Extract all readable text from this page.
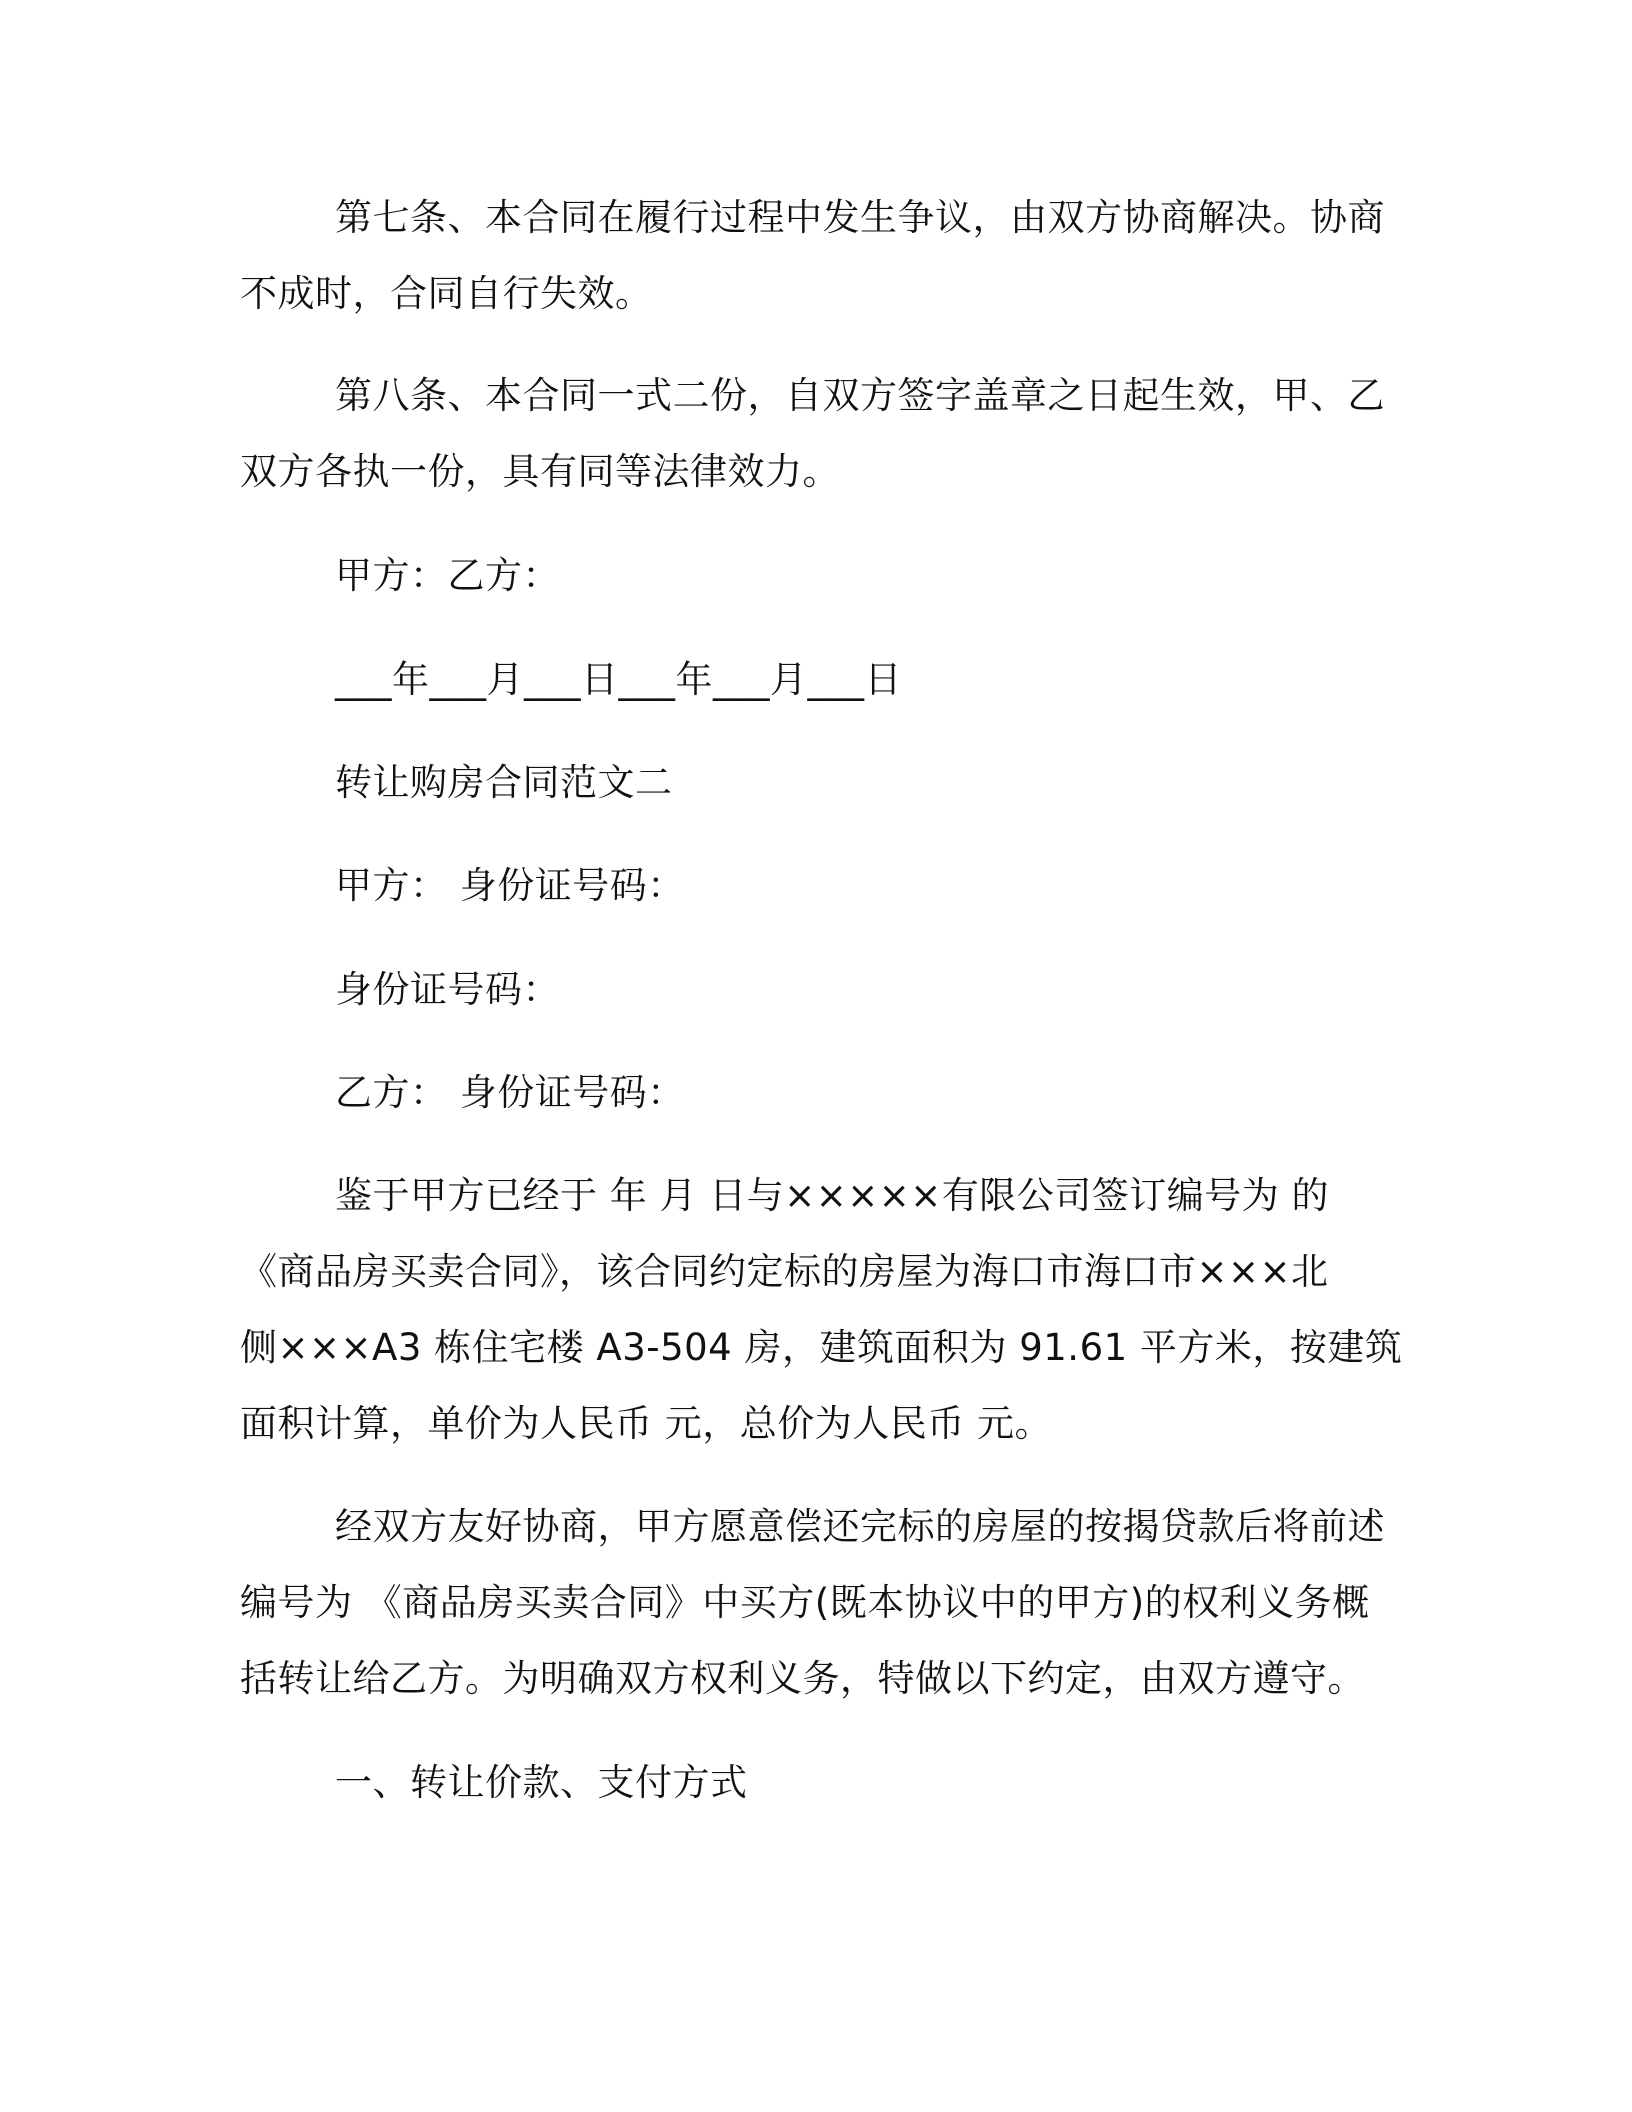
第七条、本合同在履行过程中发生争议，由双方协商解决。协商
不成时，合同自行失效。
第八条、本合同一式二份，自双方签字盖章之日起生效，甲、乙
双方各执一份，具有同等法律效力。
甲方：乙方：
___年___月___日___年___月___日
转让购房合同范文二
甲方： 身份证号码：
身份证号码：
乙方： 身份证号码：
鉴于甲方已经于 年 月 日与×××××有限公司签订编号为 的
《商品房买卖合同》，该合同约定标的房屋为海口市海口市×××北
侧×××A3 栋住宅楼 A3-504 房，建筑面积为 91.61 平方米，按建筑
面积计算，单价为人民币 元，总价为人民币 元。
经双方友好协商，甲方愿意偿还完标的房屋的按揭贷款后将前述
编号为 《商品房买卖合同》中买方(既本协议中的甲方)的权利义务概
括转让给乙方。为明确双方权利义务，特做以下约定，由双方遵守。
一、转让价款、支付方式
